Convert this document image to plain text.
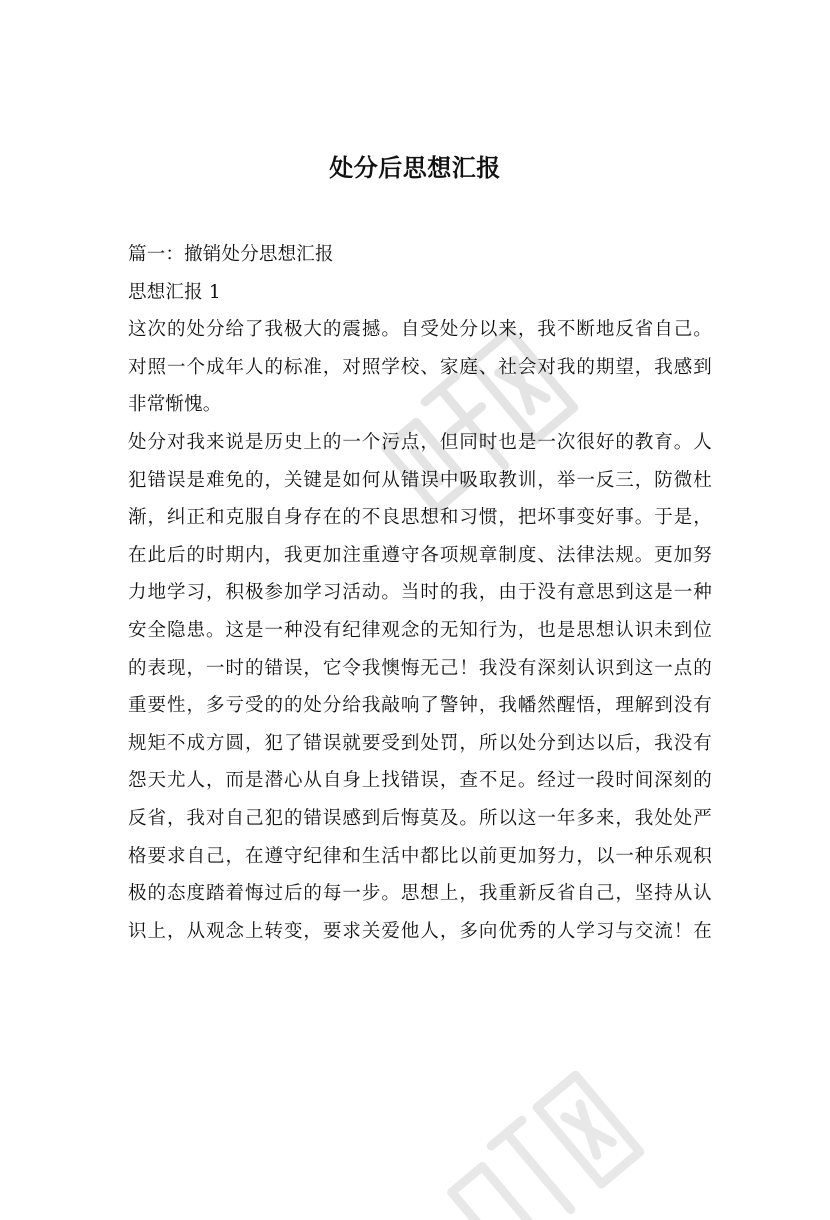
处分后思想汇报
篇一：撤销处分思想汇报
思想汇报 1
这次的处分给了我极大的震撼。自受处分以来，我不断地反省自己。
对照一个成年人的标准，对照学校、家庭、社会对我的期望，我感到
非常惭愧。
处分对我来说是历史上的一个污点，但同时也是一次很好的教育。人
犯错误是难免的，关键是如何从错误中吸取教训，举一反三，防微杜
渐，纠正和克服自身存在的不良思想和习惯，把坏事变好事。于是，
在此后的时期内，我更加注重遵守各项规章制度、法律法规。更加努
力地学习，积极参加学习活动。当时的我，由于没有意思到这是一种
安全隐患。这是一种没有纪律观念的无知行为，也是思想认识未到位
的表现，一时的错误，它令我懊悔无己！我没有深刻认识到这一点的
重要性，多亏受的的处分给我敲响了警钟，我幡然醒悟，理解到没有
规矩不成方圆，犯了错误就要受到处罚，所以处分到达以后，我没有
怨天尤人，而是潜心从自身上找错误，查不足。经过一段时间深刻的
反省，我对自己犯的错误感到后悔莫及。所以这一年多来，我处处严
格要求自己，在遵守纪律和生活中都比以前更加努力，以一种乐观积
极的态度踏着悔过后的每一步。思想上，我重新反省自己，坚持从认
识上，从观念上转变，要求关爱他人，多向优秀的人学习与交流！在
